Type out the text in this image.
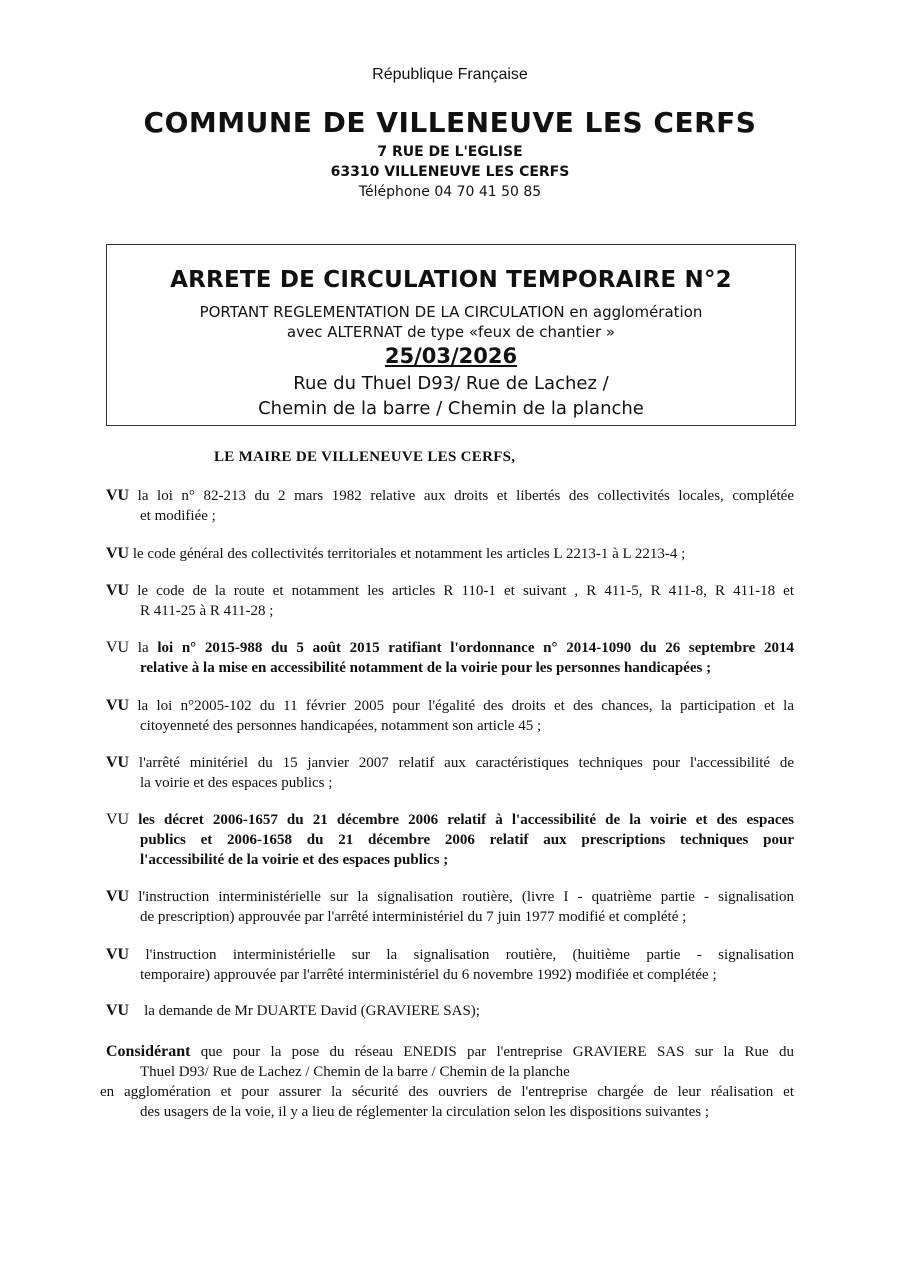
République Française
COMMUNE DE VILLENEUVE LES CERFS
7 RUE DE L'EGLISE
63310 VILLENEUVE LES CERFS
Téléphone 04 70 41 50 85
ARRETE DE CIRCULATION TEMPORAIRE N°2
PORTANT REGLEMENTATION DE LA CIRCULATION en agglomération
avec ALTERNAT de type «feux de chantier »
25/03/2026
Rue du Thuel D93/ Rue de Lachez /
Chemin de la barre / Chemin de la planche
LE MAIRE DE VILLENEUVE LES CERFS,
VU la loi n° 82-213 du 2 mars 1982 relative aux droits et libertés des collectivités locales, complétée
et modifiée ;
VU le code général des collectivités territoriales et notamment les articles L 2213-1 à L 2213-4 ;
VU le code de la route et notamment les articles R 110-1 et suivant , R 411-5, R 411-8, R 411-18 et
R 411-25 à R 411-28 ;
VU la loi n° 2015-988 du 5 août 2015 ratifiant l'ordonnance n° 2014-1090 du 26 septembre 2014
relative à la mise en accessibilité notamment de la voirie pour les personnes handicapées ;
VU la loi n°2005-102 du 11 février 2005 pour l'égalité des droits et des chances, la participation et la
citoyenneté des personnes handicapées, notamment son article 45 ;
VU l'arrêté minitériel du 15 janvier 2007 relatif aux caractéristiques techniques pour l'accessibilité de
la voirie et des espaces publics ;
VU les décret 2006-1657 du 21 décembre 2006 relatif à l'accessibilité de la voirie et des espaces
publics et 2006-1658 du 21 décembre 2006 relatif aux prescriptions techniques pour
l'accessibilité de la voirie et des espaces publics ;
VU l'instruction interministérielle sur la signalisation routière, (livre I - quatrième partie - signalisation
de prescription) approuvée par l'arrêté interministériel du 7 juin 1977 modifié et complété ;
VU l'instruction interministérielle sur la signalisation routière, (huitième partie - signalisation
temporaire) approuvée par l'arrêté interministériel du 6 novembre 1992) modifiée et complétée ;
VU la demande de Mr DUARTE David (GRAVIERE SAS);
Considérant que pour la pose du réseau ENEDIS par l'entreprise GRAVIERE SAS sur la Rue du
Thuel D93/ Rue de Lachez / Chemin de la barre / Chemin de la planche
en agglomération et pour assurer la sécurité des ouvriers de l'entreprise chargée de leur réalisation et
des usagers de la voie, il y a lieu de réglementer la circulation selon les dispositions suivantes ;
